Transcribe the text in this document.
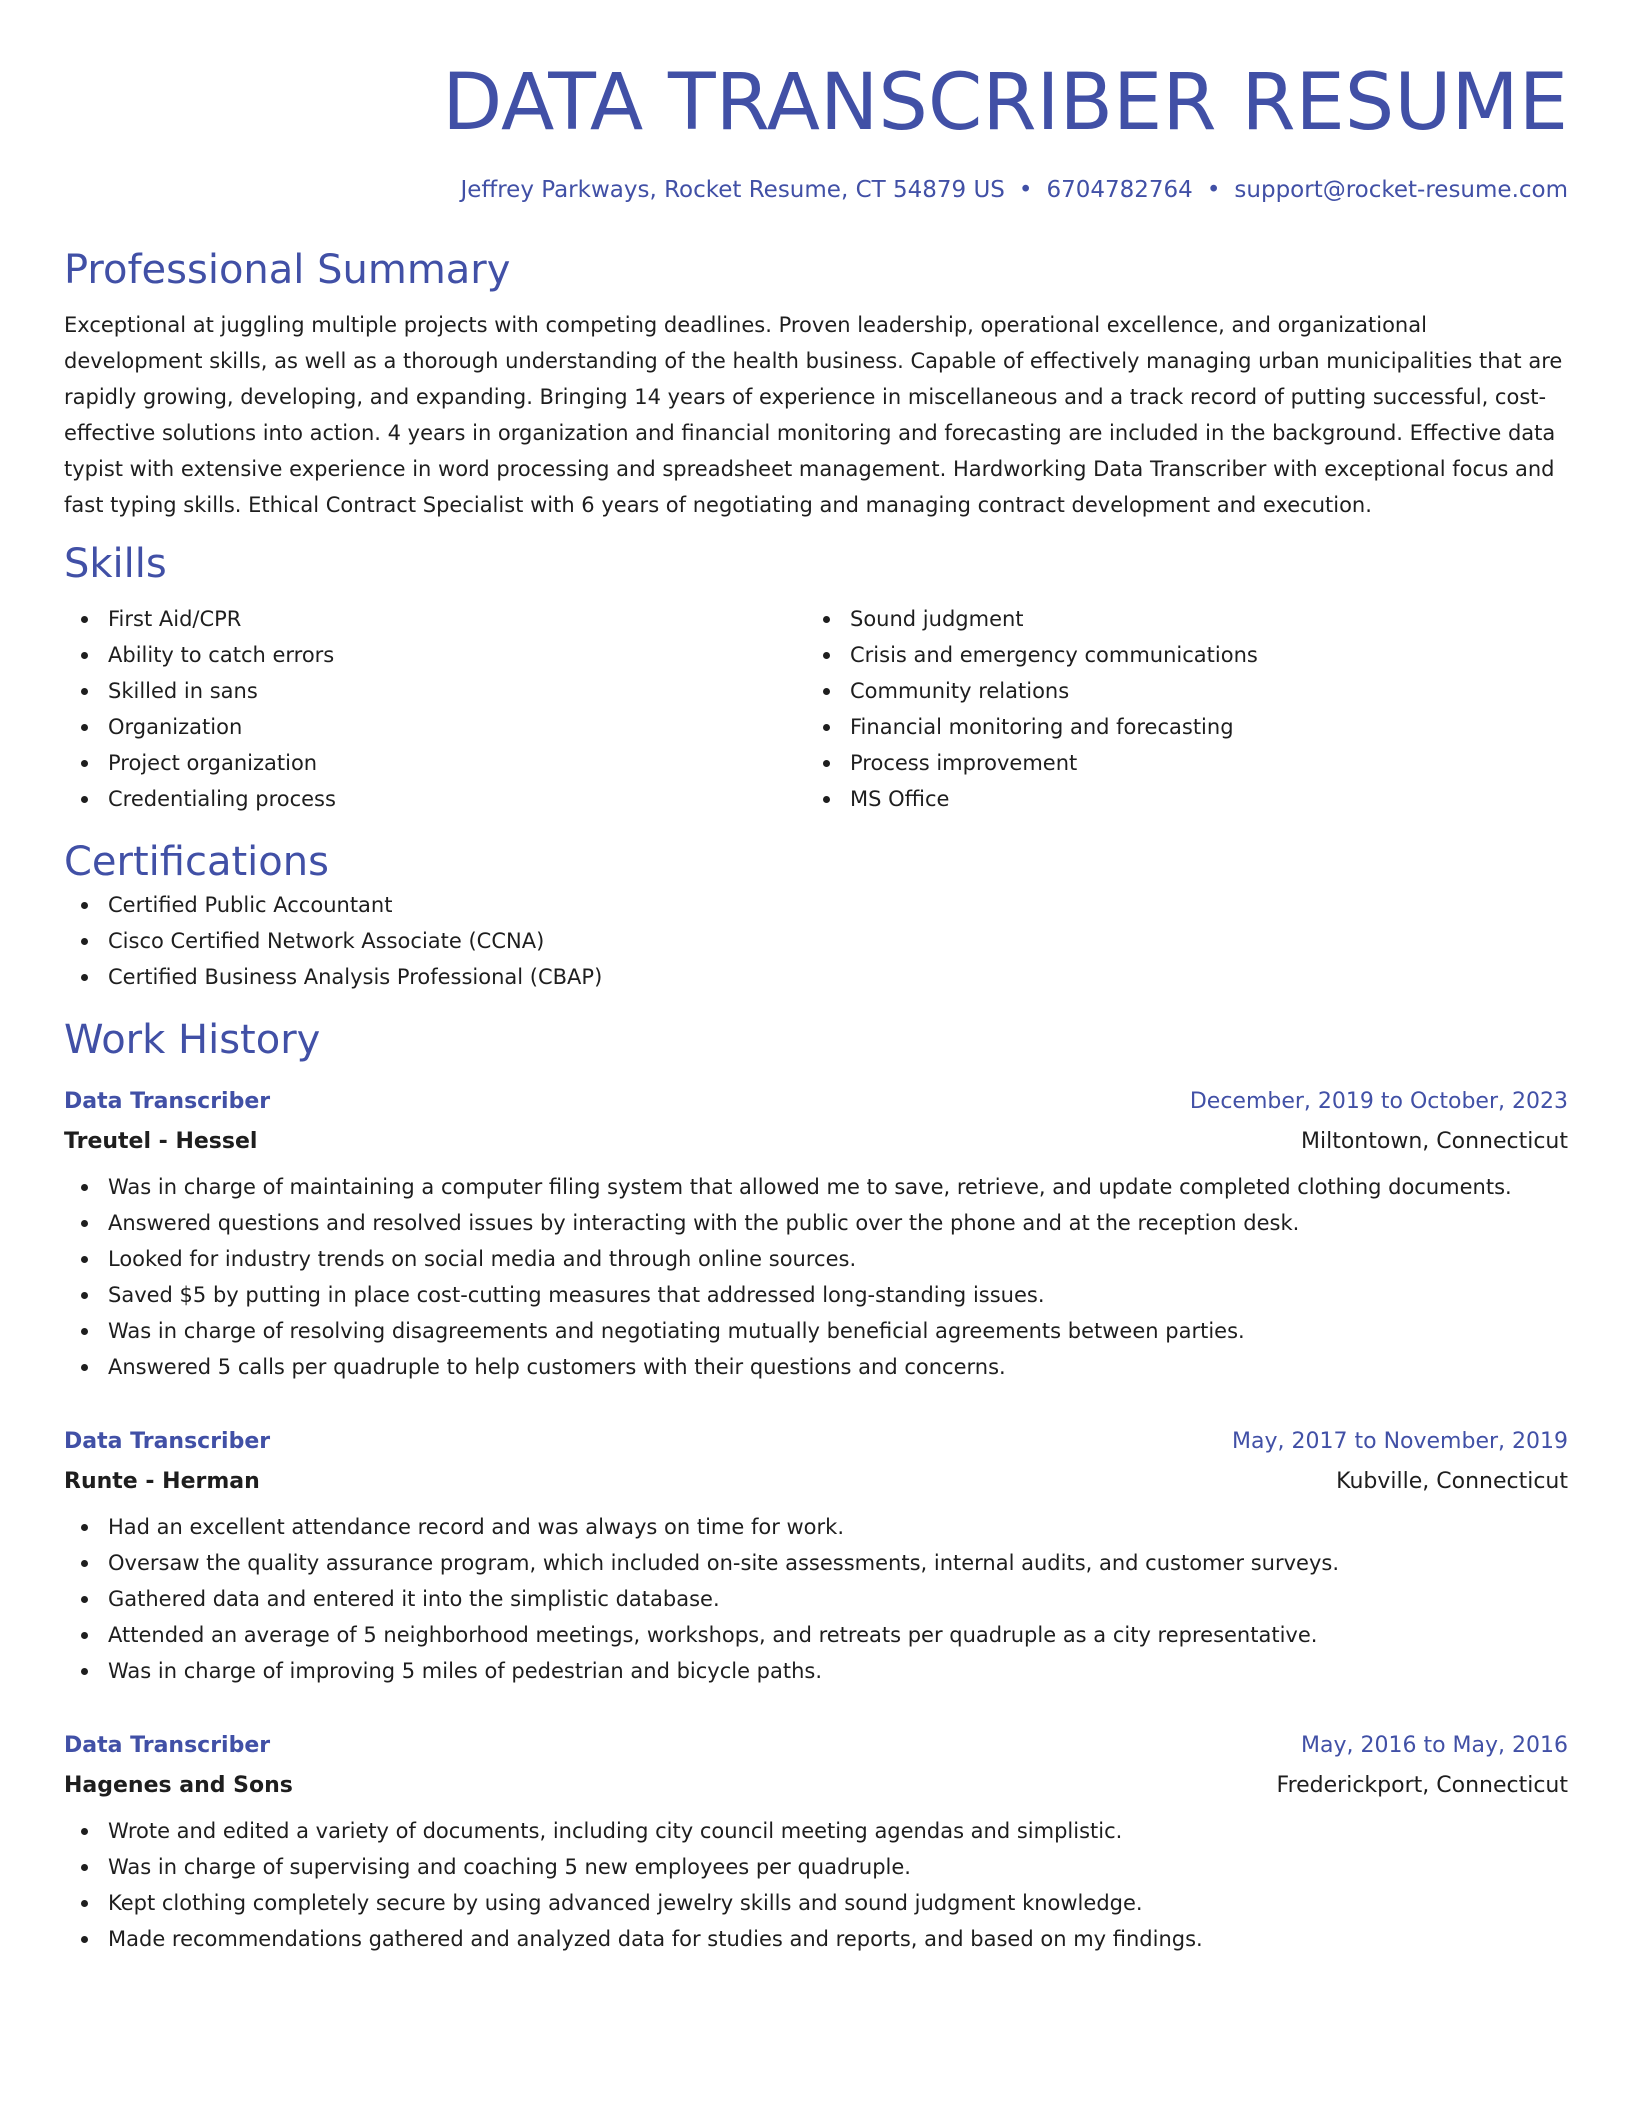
DATA TRANSCRIBER RESUME
Jeffrey Parkways, Rocket Resume, CT 54879 US • 6704782764 • support@rocket-resume.com
Professional Summary
Exceptional at juggling multiple projects with competing deadlines. Proven leadership, operational excellence, and organizational development skills, as well as a thorough understanding of the health business. Capable of effectively managing urban municipalities that are rapidly growing, developing, and expanding. Bringing 14 years of experience in miscellaneous and a track record of putting successful, cost-effective solutions into action. 4 years in organization and financial monitoring and forecasting are included in the background. Effective data typist with extensive experience in word processing and spreadsheet management. Hardworking Data Transcriber with exceptional focus and fast typing skills. Ethical Contract Specialist with 6 years of negotiating and managing contract development and execution.
Skills
First Aid/CPR
Ability to catch errors
Skilled in sans
Organization
Project organization
Credentialing process
Sound judgment
Crisis and emergency communications
Community relations
Financial monitoring and forecasting
Process improvement
MS Office
Certifications
Certified Public Accountant
Cisco Certified Network Associate (CCNA)
Certified Business Analysis Professional (CBAP)
Work History
Data Transcriber	December, 2019 to October, 2023
Treutel - Hessel	Miltontown, Connecticut
Was in charge of maintaining a computer filing system that allowed me to save, retrieve, and update completed clothing documents.
Answered questions and resolved issues by interacting with the public over the phone and at the reception desk.
Looked for industry trends on social media and through online sources.
Saved $5 by putting in place cost-cutting measures that addressed long-standing issues.
Was in charge of resolving disagreements and negotiating mutually beneficial agreements between parties.
Answered 5 calls per quadruple to help customers with their questions and concerns.
Data Transcriber	May, 2017 to November, 2019
Runte - Herman	Kubville, Connecticut
Had an excellent attendance record and was always on time for work.
Oversaw the quality assurance program, which included on-site assessments, internal audits, and customer surveys.
Gathered data and entered it into the simplistic database.
Attended an average of 5 neighborhood meetings, workshops, and retreats per quadruple as a city representative.
Was in charge of improving 5 miles of pedestrian and bicycle paths.
Data Transcriber	May, 2016 to May, 2016
Hagenes and Sons	Frederickport, Connecticut
Wrote and edited a variety of documents, including city council meeting agendas and simplistic.
Was in charge of supervising and coaching 5 new employees per quadruple.
Kept clothing completely secure by using advanced jewelry skills and sound judgment knowledge.
Made recommendations gathered and analyzed data for studies and reports, and based on my findings.
